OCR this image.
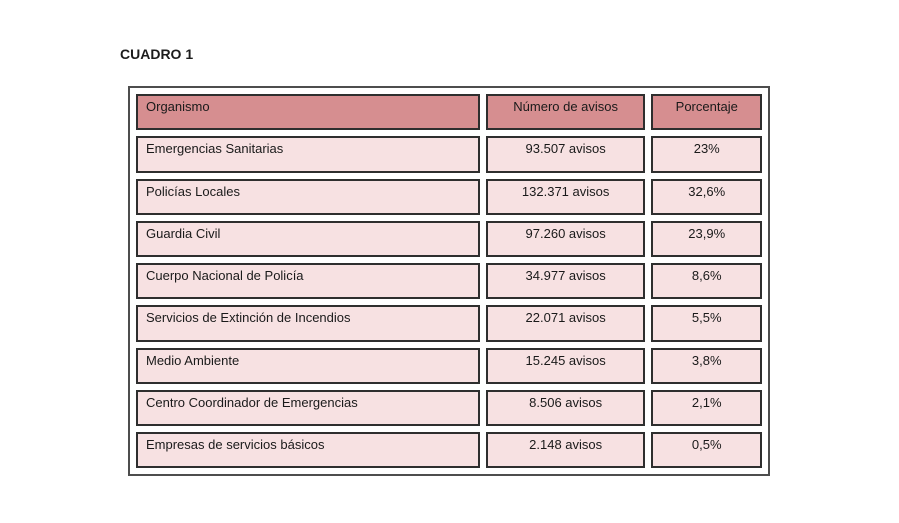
CUADRO 1
Organismo	Número de avisos	Porcentaje
Emergencias Sanitarias	93.507 avisos	23%
Policías Locales	132.371 avisos	32,6%
Guardia Civil	97.260 avisos	23,9%
Cuerpo Nacional de Policía	34.977 avisos	8,6%
Servicios de Extinción de Incendios	22.071 avisos	5,5%
Medio Ambiente	15.245 avisos	3,8%
Centro Coordinador de Emergencias	8.506 avisos	2,1%
Empresas de servicios básicos	2.148 avisos	0,5%
